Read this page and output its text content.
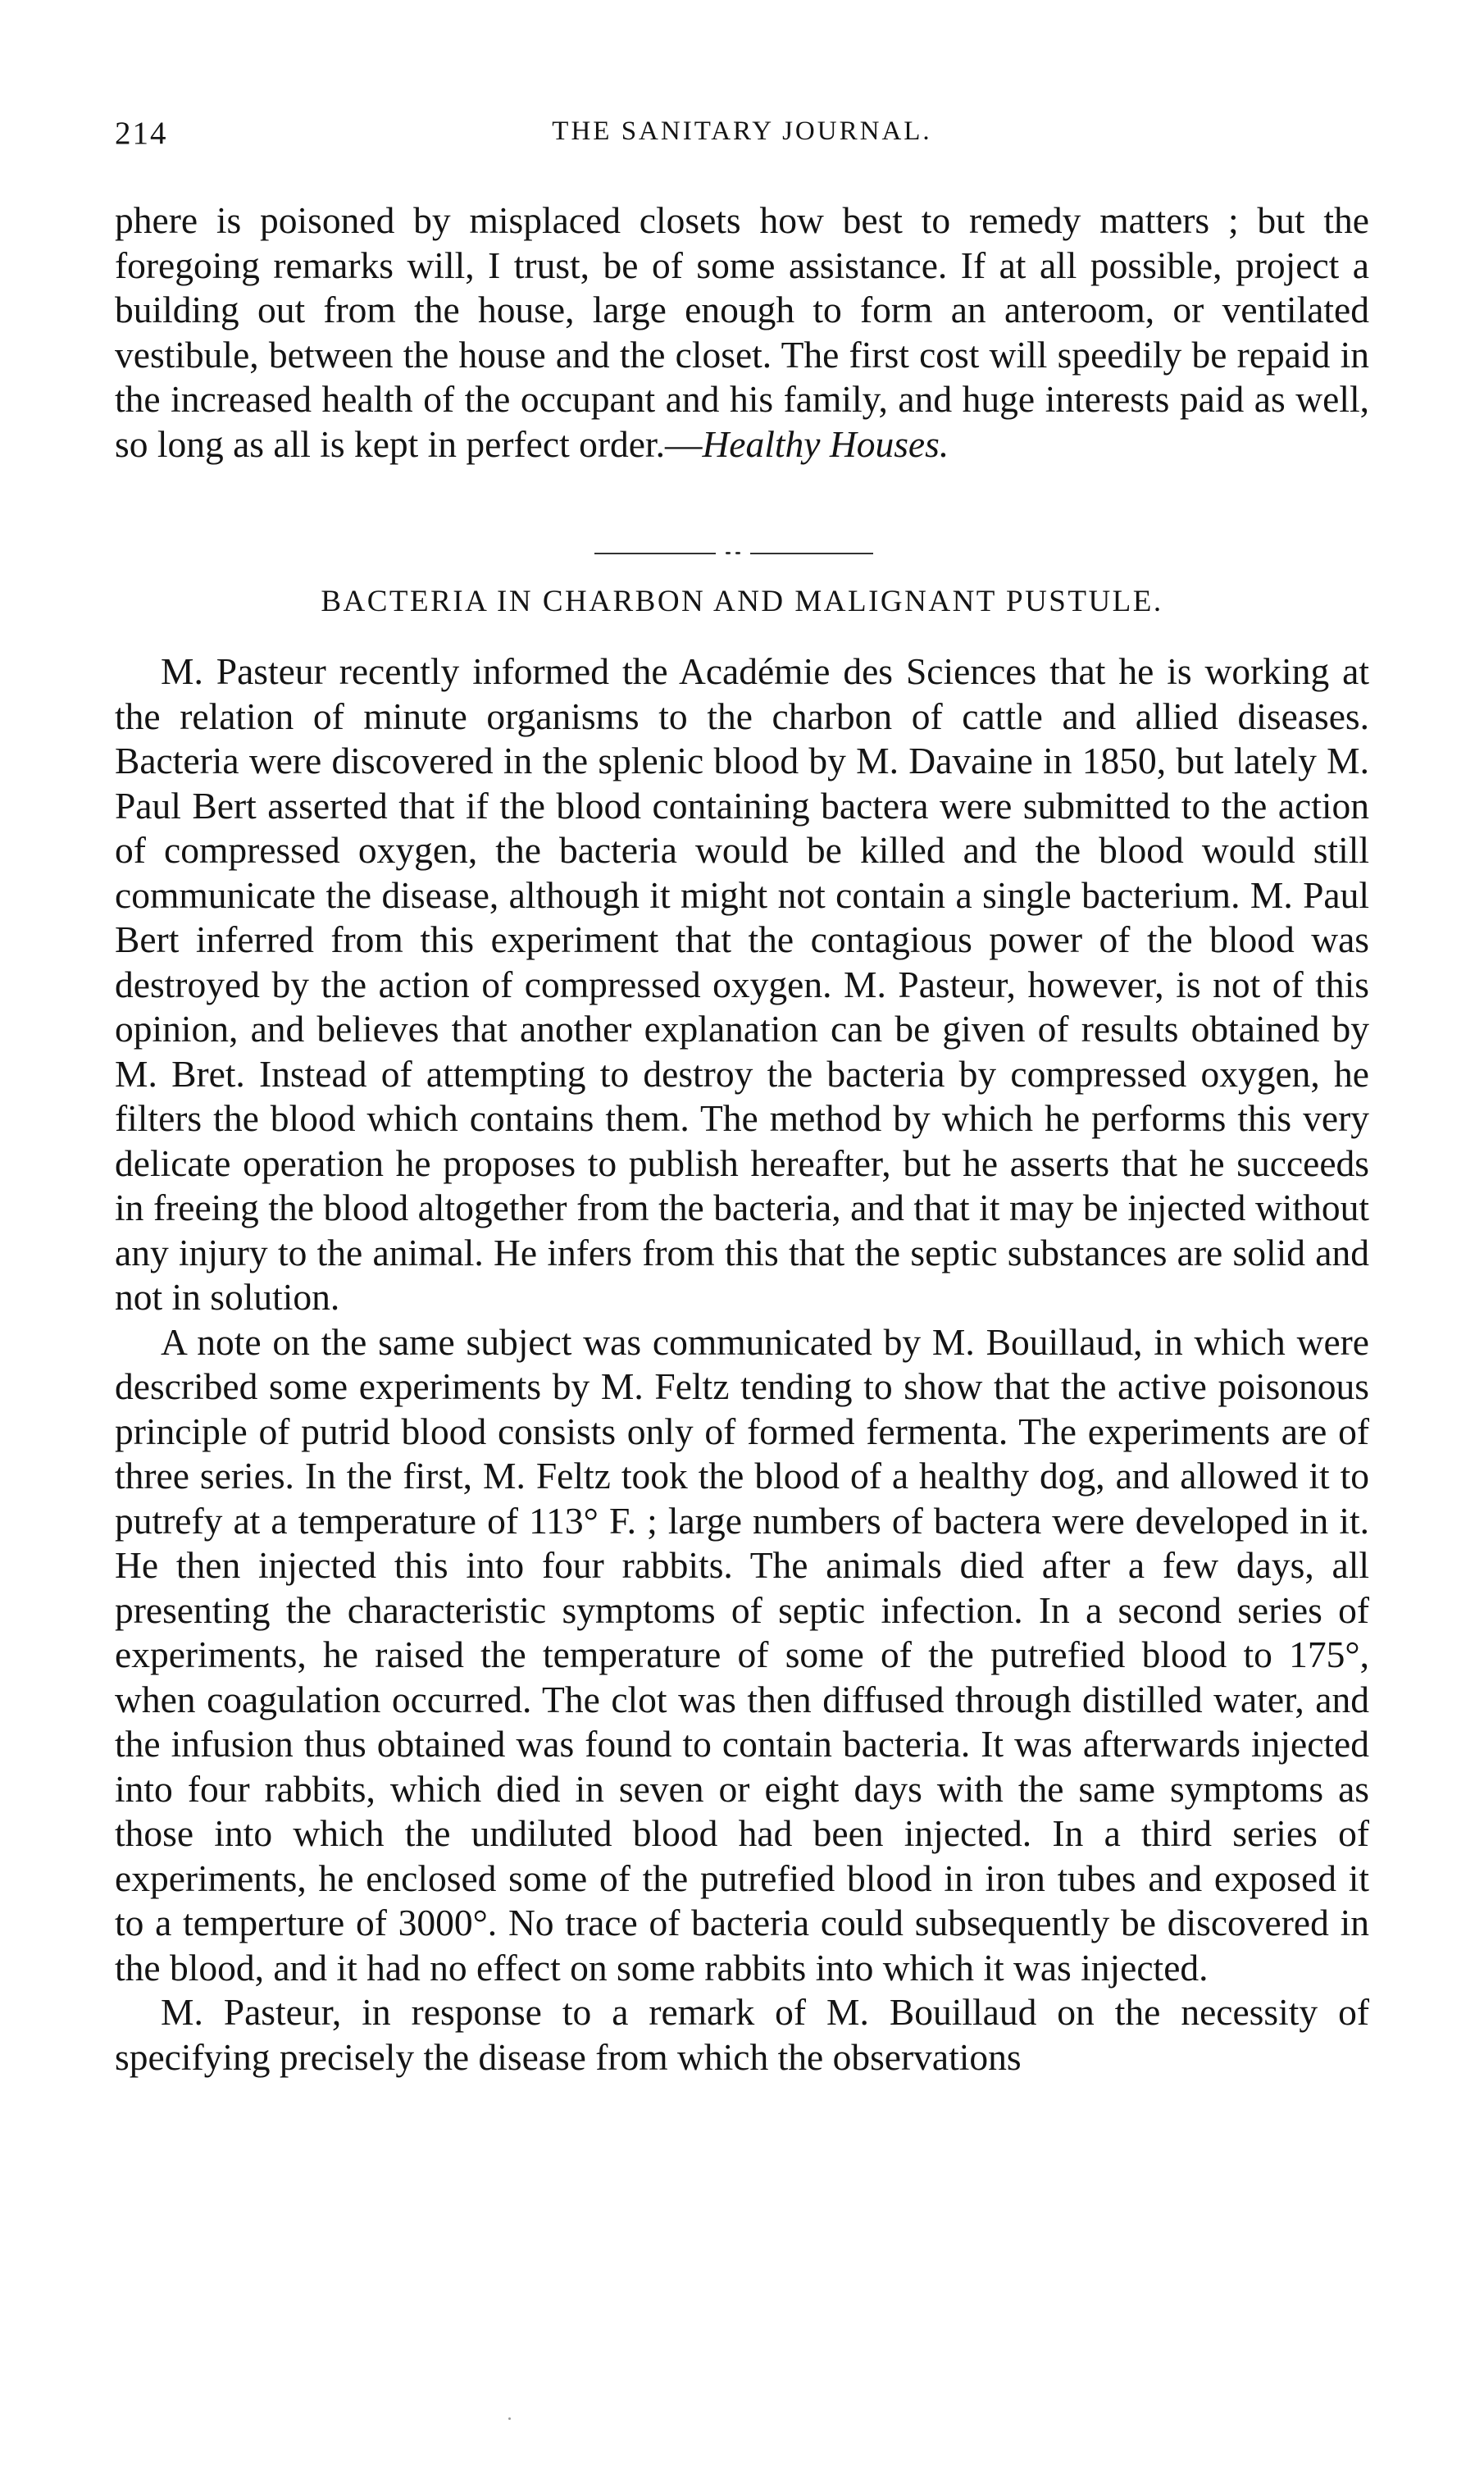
214	THE SANITARY JOURNAL.

phere is poisoned by misplaced closets how best to remedy matters ; but the foregoing remarks will, I trust, be of some assistance. If at all possible, project a building out from the house, large enough to form an anteroom, or ventilated vestibule, between the house and the closet. The first cost will speedily be repaid in the increased health of the occupant and his family, and huge interests paid as well, so long as all is kept in perfect order.—Healthy Houses.

BACTERIA IN CHARBON AND MALIGNANT PUSTULE.

M. Pasteur recently informed the Académie des Sciences that he is working at the relation of minute organisms to the charbon of cattle and allied diseases. Bacteria were discovered in the splenic blood by M. Davaine in 1850, but lately M. Paul Bert asserted that if the blood containing bactera were submitted to the action of compressed oxygen, the bacteria would be killed and the blood would still communicate the disease, although it might not contain a single bacterium. M. Paul Bert inferred from this experiment that the contagious power of the blood was destroyed by the action of compressed oxygen. M. Pasteur, however, is not of this opinion, and believes that another explanation can be given of results obtained by M. Bret. Instead of attempting to destroy the bacteria by compressed oxygen, he filters the blood which contains them. The method by which he performs this very delicate operation he proposes to publish hereafter, but he asserts that he succeeds in freeing the blood altogether from the bacteria, and that it may be injected without any injury to the animal. He infers from this that the septic substances are solid and not in solution.

A note on the same subject was communicated by M. Bouillaud, in which were described some experiments by M. Feltz tending to show that the active poisonous principle of putrid blood consists only of formed fermenta. The experiments are of three series. In the first, M. Feltz took the blood of a healthy dog, and allowed it to putrefy at a temperature of 113° F. ; large numbers of bactera were developed in it. He then injected this into four rabbits. The animals died after a few days, all presenting the characteristic symptoms of septic infection. In a second series of experiments, he raised the temperature of some of the putrefied blood to 175°, when coagulation occurred. The clot was then diffused through distilled water, and the infusion thus obtained was found to contain bacteria. It was afterwards injected into four rabbits, which died in seven or eight days with the same symptoms as those into which the undiluted blood had been injected. In a third series of experiments, he enclosed some of the putrefied blood in iron tubes and exposed it to a temperture of 3000°. No trace of bacteria could subsequently be discovered in the blood, and it had no effect on some rabbits into which it was injected.

M. Pasteur, in response to a remark of M. Bouillaud on the necessity of specifying precisely the disease from which the observations
